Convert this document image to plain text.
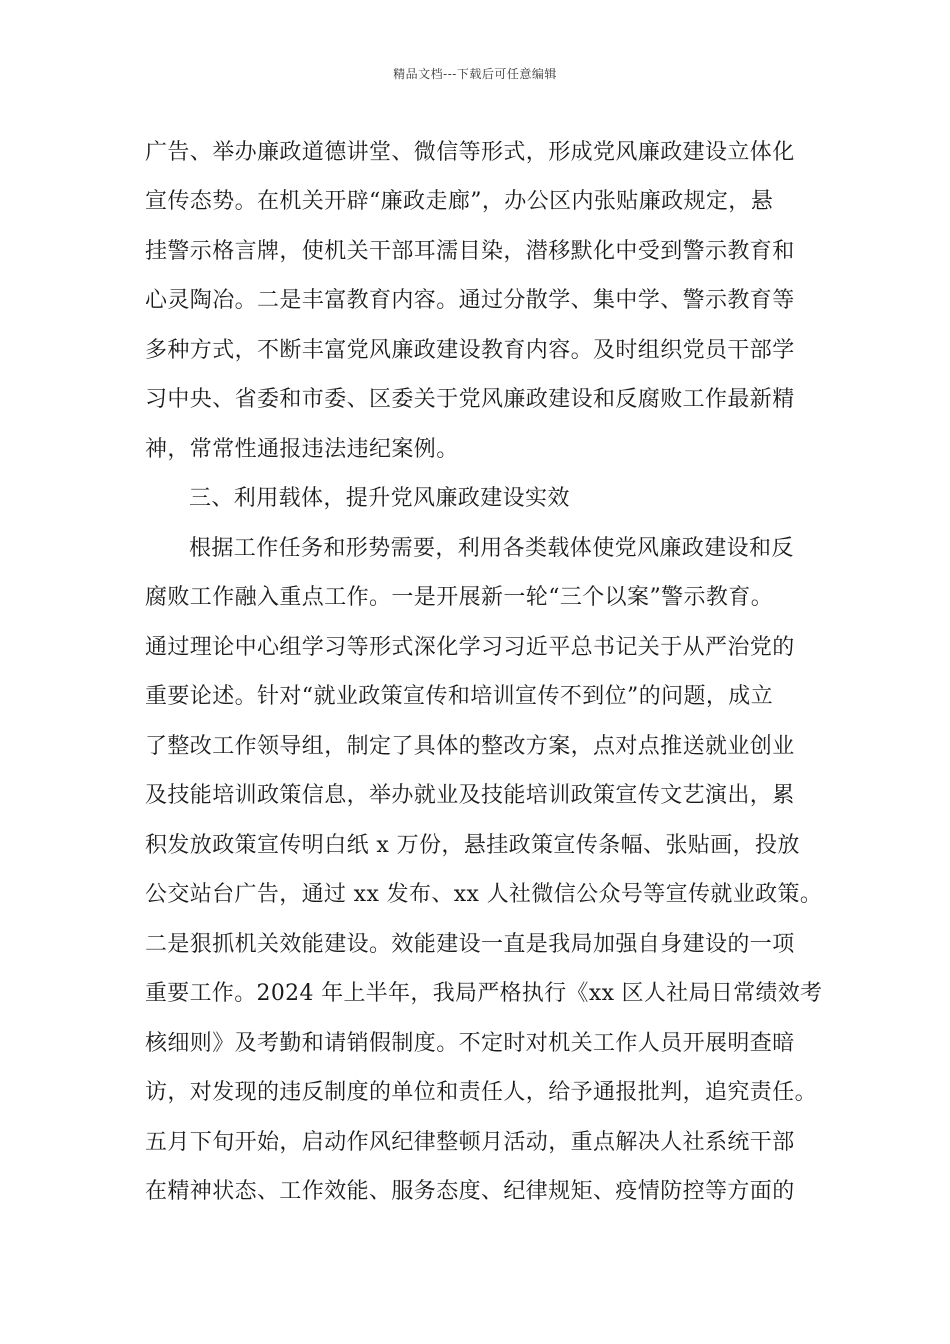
精品文档---下载后可任意编辑
广告、举办廉政道德讲堂、微信等形式，形成党风廉政建设立体化
宣传态势。在机关开辟“廉政走廊”，办公区内张贴廉政规定，悬
挂警示格言牌，使机关干部耳濡目染，潜移默化中受到警示教育和
心灵陶冶。二是丰富教育内容。通过分散学、集中学、警示教育等
多种方式，不断丰富党风廉政建设教育内容。及时组织党员干部学
习中央、省委和市委、区委关于党风廉政建设和反腐败工作最新精
神，常常性通报违法违纪案例。
三、利用载体，提升党风廉政建设实效
根据工作任务和形势需要，利用各类载体使党风廉政建设和反
腐败工作融入重点工作。一是开展新一轮“三个以案”警示教育。
通过理论中心组学习等形式深化学习习近平总书记关于从严治党的
重要论述。针对“就业政策宣传和培训宣传不到位”的问题，成立
了整改工作领导组，制定了具体的整改方案，点对点推送就业创业
及技能培训政策信息，举办就业及技能培训政策宣传文艺演出，累
积发放政策宣传明白纸 x 万份，悬挂政策宣传条幅、张贴画，投放
公交站台广告，通过 xx 发布、xx 人社微信公众号等宣传就业政策。
二是狠抓机关效能建设。效能建设一直是我局加强自身建设的一项
重要工作。2024 年上半年，我局严格执行《xx 区人社局日常绩效考
核细则》及考勤和请销假制度。不定时对机关工作人员开展明查暗
访，对发现的违反制度的单位和责任人，给予通报批判，追究责任。
五月下旬开始，启动作风纪律整顿月活动，重点解决人社系统干部
在精神状态、工作效能、服务态度、纪律规矩、疫情防控等方面的
